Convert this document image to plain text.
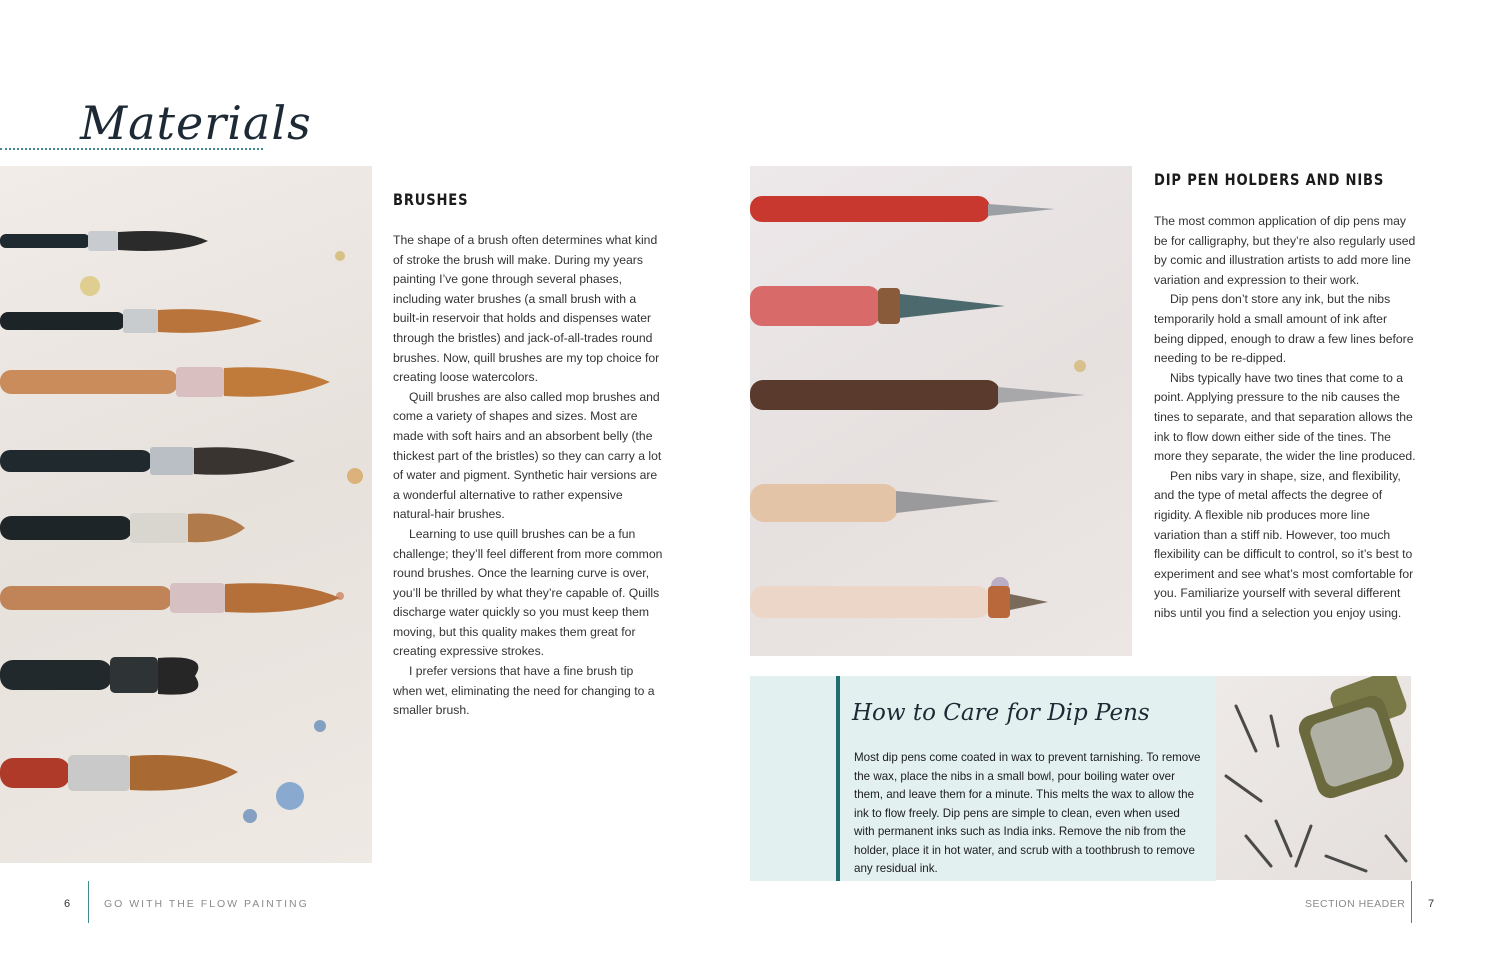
Materials
BRUSHES

The shape of a brush often determines what kind of stroke the brush will make. During my years painting I’ve gone through several phases, including water brushes (a small brush with a built-in reservoir that holds and dispenses water through the bristles) and jack-of-all-trades round brushes. Now, quill brushes are my top choice for creating loose watercolors.

Quill brushes are also called mop brushes and come a variety of shapes and sizes. Most are made with soft hairs and an absorbent belly (the thickest part of the bristles) so they can carry a lot of water and pigment. Synthetic hair versions are a wonderful alternative to rather expensive natural-hair brushes.

Learning to use quill brushes can be a fun challenge; they’ll feel different from more common round brushes. Once the learning curve is over, you’ll be thrilled by what they’re capable of. Quills discharge water quickly so you must keep them moving, but this quality makes them great for creating expressive strokes.

I prefer versions that have a fine brush tip when wet, eliminating the need for changing to a smaller brush.

DIP PEN HOLDERS AND NIBS

The most common application of dip pens may be for calligraphy, but they’re also regularly used by comic and illustration artists to add more line variation and expression to their work.

Dip pens don’t store any ink, but the nibs temporarily hold a small amount of ink after being dipped, enough to draw a few lines before needing to be re-dipped.

Nibs typically have two tines that come to a point. Applying pressure to the nib causes the tines to separate, and that separation allows the ink to flow down either side of the tines. The more they separate, the wider the line produced.

Pen nibs vary in shape, size, and flexibility, and the type of metal affects the degree of rigidity. A flexible nib produces more line variation than a stiff nib. However, too much flexibility can be difficult to control, so it’s best to experiment and see what’s most comfortable for you. Familiarize yourself with several different nibs until you find a selection you enjoy using.

How to Care for Dip Pens
Most dip pens come coated in wax to prevent tarnishing. To remove the wax, place the nibs in a small bowl, pour boiling water over them, and leave them for a minute. This melts the wax to allow the ink to flow freely. Dip pens are simple to clean, even when used with permanent inks such as India inks. Remove the nib from the holder, place it in hot water, and scrub with a toothbrush to remove any residual ink.
6	GO WITH THE FLOW PAINTING	SECTION HEADER 7
